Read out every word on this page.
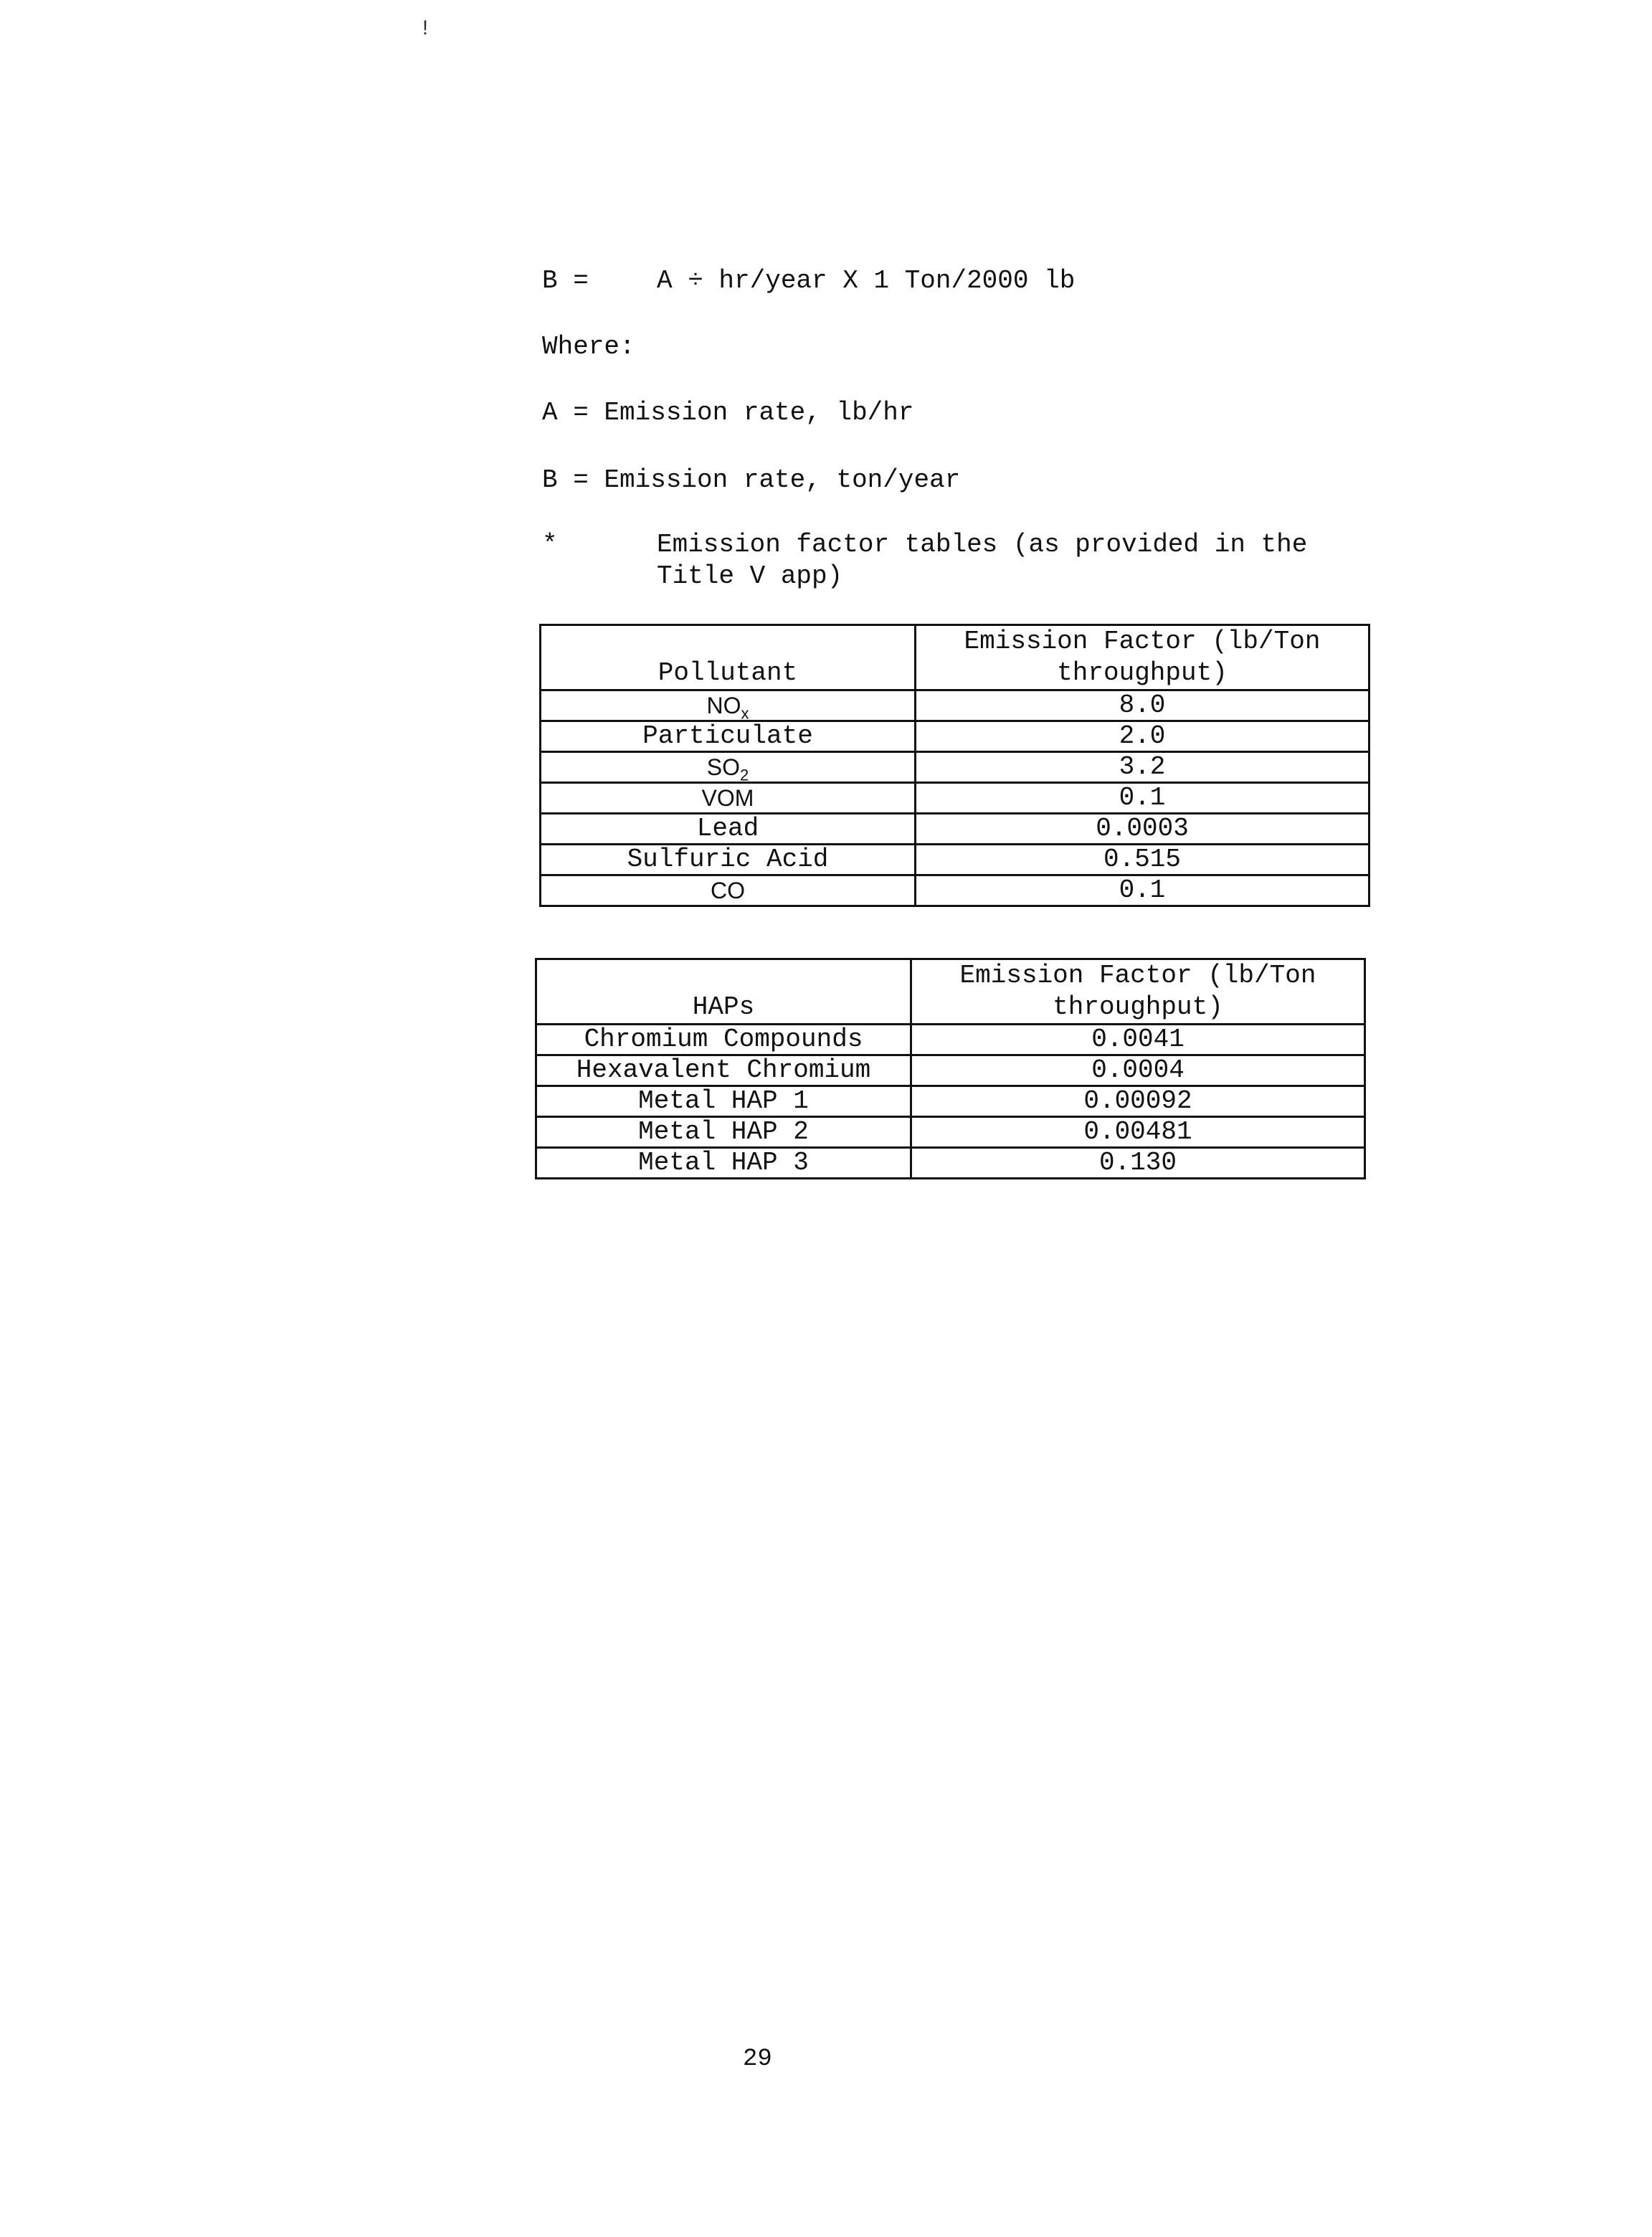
!
B =	A ÷ hr/year X 1 Ton/2000 lb
Where:
A = Emission rate, lb/hr
B = Emission rate, ton/year
*	Emission factor tables (as provided in the
Title V app)
Pollutant	Emission Factor (lb/Ton
throughput)
$NO_x$	8.0
Particulate	2.0
$SO_2$	3.2
VOM	0.1
Lead	0.0003
Sulfuric Acid	0.515
CO	0.1
HAPs	Emission Factor (lb/Ton
throughput)
Chromium Compounds	0.0041
Hexavalent Chromium	0.0004
Metal HAP 1	0.00092
Metal HAP 2	0.00481
Metal HAP 3	0.130
29
